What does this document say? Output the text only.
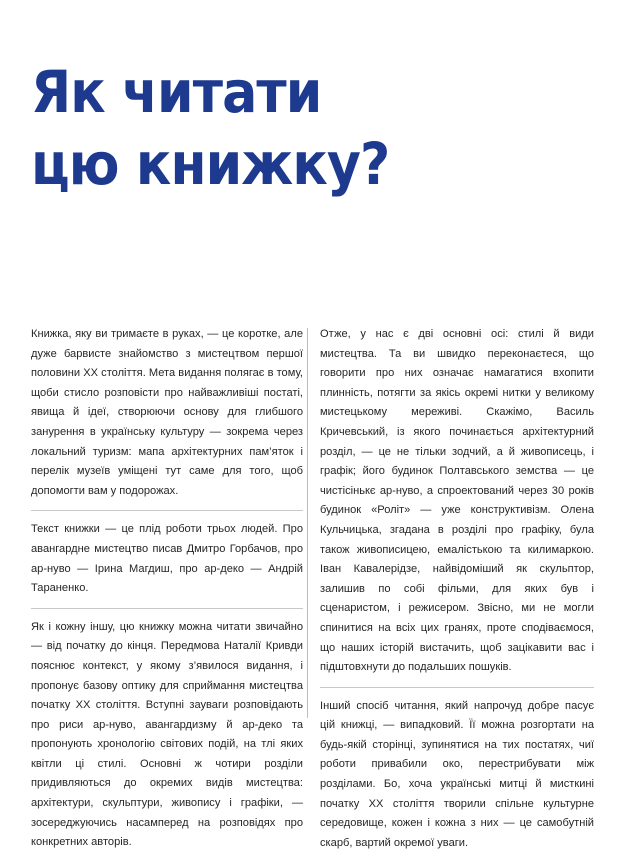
Як читати
цю книжку?

Книжка, яку ви тримаєте в руках, — це коротке, але дуже барвисте знайомство з мистецтвом першої половини XX століття. Мета видання полягає в тому, щоби стисло розповісти про найважливіші постаті, явища й ідеї, створюючи основу для глибшого занурення в українську культуру — зокрема через локальний туризм: мапа архітектурних пам’яток і перелік музеїв уміщені тут саме для того, щоб допомогти вам у подорожах.

Текст книжки — це плід роботи трьох людей. Про авангардне мистецтво писав Дмитро Горбачов, про ар-нуво — Ірина Магдиш, про ар-деко — Андрій Тараненко.

Як і кожну іншу, цю книжку можна читати звичайно — від початку до кінця. Передмова Наталії Кривди пояснює контекст, у якому з’явилося видання, і пропонує базову оптику для сприймання мистецтва початку XX століття. Вступні зауваги розповідають про риси ар-нуво, авангардизму й ар-деко та пропонують хронологію світових подій, на тлі яких квітли ці стилі. Основні ж чотири розділи придивляються до окремих видів мистецтва: архітектури, скульптури, живопису і графіки, — зосереджуючись насамперед на розповідях про конкретних авторів.

Отже, у нас є дві основні осі: стилі й види мистецтва. Та ви швидко переконаєтеся, що говорити про них означає намагатися вхопити плинність, потягти за якісь окремі нитки у великому мистецькому мереживі. Скажімо, Василь Кричевський, із якого починається архітектурний розділ, — це не тільки зодчий, а й живописець, і графік; його будинок Полтавського земства — це чистісінькє ар-нуво, а спроектований через 30 років будинок «Роліт» — уже конструктивізм. Олена Кульчицька, згадана в розділі про графіку, була також живописицею, емалістькою та килимаркою. Іван Кавалерідзе, найвідоміший як скульптор, залишив по собі фільми, для яких був і сценаристом, і режисером. Звісно, ми не могли спинитися на всіх цих гранях, проте сподіваємося, що наших історій вистачить, щоб зацікавити вас і підштовхнути до подальших пошуків.

Інший спосіб читання, який напрочуд добре пасує цій книжці, — випадковий. Її можна розгортати на будь-якій сторінці, зупинятися на тих постатях, чиї роботи привабили око, перестрибувати між розділами. Бо, хоча українські митці й мисткині початку XX століття творили спільне культурне середовище, кожен і кожна з них — це самобутній скарб, вартий окремої уваги.
